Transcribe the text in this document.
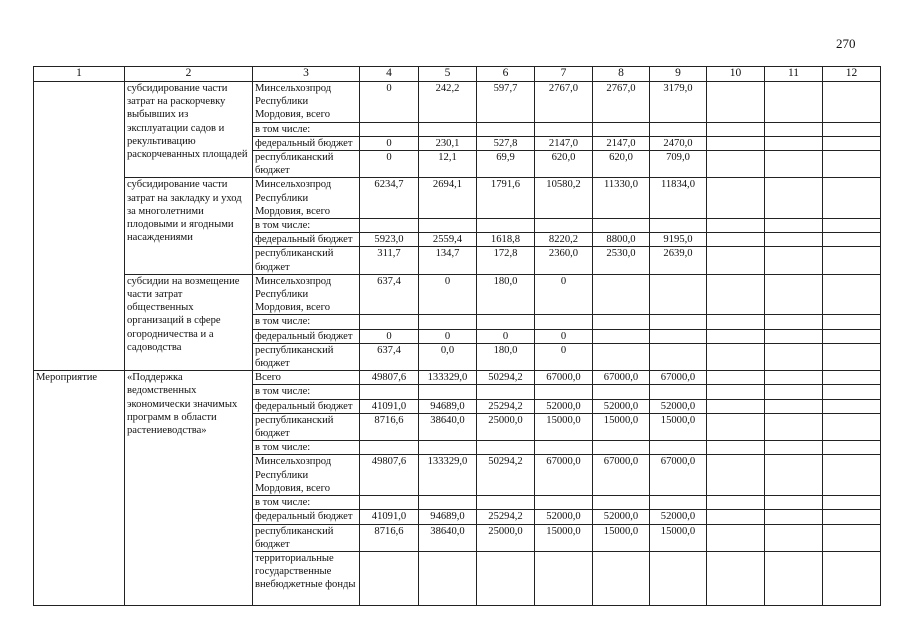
270
1	2	3	4	5	6	7	8	9	10	11	12
	субсидирование части затрат на раскорчевку выбывших из эксплуатации садов и рекультивацию раскорчеванных площадей	Минсельхозпрод Республики Мордовия, всего	0	242,2	597,7	2767,0	2767,0	3179,0			
		в том числе:									
		федеральный бюджет	0	230,1	527,8	2147,0	2147,0	2470,0			
		республиканский бюджет	0	12,1	69,9	620,0	620,0	709,0			
	субсидирование части затрат на закладку и уход за многолетними плодовыми и ягодными насаждениями	Минсельхозпрод Республики Мордовия, всего	6234,7	2694,1	1791,6	10580,2	11330,0	11834,0			
		в том числе:									
		федеральный бюджет	5923,0	2559,4	1618,8	8220,2	8800,0	9195,0			
		республиканский бюджет	311,7	134,7	172,8	2360,0	2530,0	2639,0			
	субсидии на возмещение части затрат общественных организаций в сфере огородничества и а садоводства	Минсельхозпрод Республики Мордовия, всего	637,4	0	180,0	0					
		в том числе:									
		федеральный бюджет	0	0	0	0					
		республиканский бюджет	637,4	0,0	180,0	0					
Мероприятие	«Поддержка ведомственных экономически значимых программ в области растениеводства»	Всего	49807,6	133329,0	50294,2	67000,0	67000,0	67000,0			
		в том числе:									
		федеральный бюджет	41091,0	94689,0	25294,2	52000,0	52000,0	52000,0			
		республиканский бюджет	8716,6	38640,0	25000,0	15000,0	15000,0	15000,0			
		в том числе:									
		Минсельхозпрод Республики Мордовия, всего	49807,6	133329,0	50294,2	67000,0	67000,0	67000,0			
		в том числе:									
		федеральный бюджет	41091,0	94689,0	25294,2	52000,0	52000,0	52000,0			
		республиканский бюджет	8716,6	38640,0	25000,0	15000,0	15000,0	15000,0			
		территориальные государственные внебюджетные фонды									
